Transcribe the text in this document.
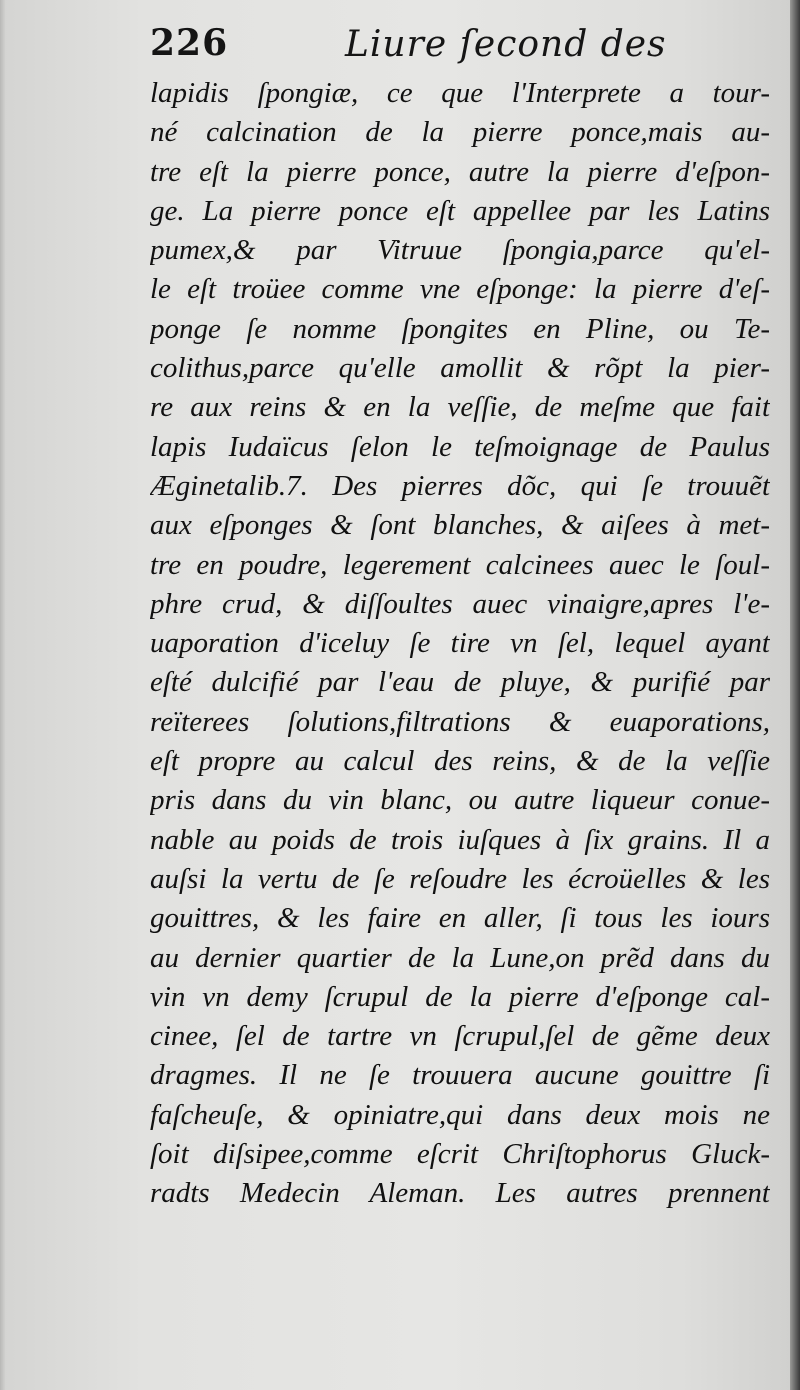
226	Liure ſecond des
lapidis ſpongiæ, ce que l'Interprete a tour-
né calcination de la pierre ponce,mais au-
tre eſt la pierre ponce, autre la pierre d'eſpon-
ge. La pierre ponce eſt appellee par les Latins
pumex,& par Vitruue ſpongia,parce qu'el-
le eſt troüee comme vne eſponge: la pierre d'eſ-
ponge ſe nomme ſpongites en Pline, ou Te-
colithus,parce qu'elle amollit & rõpt la pier-
re aux reins & en la veſſie, de meſme que fait
lapis Iudaïcus ſelon le teſmoignage de Paulus
Æginetalib.7. Des pierres dõc, qui ſe trouuẽt
aux eſponges & ſont blanches, & aiſees à met-
tre en poudre, legerement calcinees auec le ſoul-
phre crud, & diſſoultes auec vinaigre,apres l'e-
uaporation d'iceluy ſe tire vn ſel, lequel ayant
eſté dulcifié par l'eau de pluye, & purifié par
reïterees ſolutions,filtrations & euaporations,
eſt propre au calcul des reins, & de la veſſie
pris dans du vin blanc, ou autre liqueur conue-
nable au poids de trois iuſques à ſix grains. Il a
auſsi la vertu de ſe reſoudre les écroüelles & les
gouittres, & les faire en aller, ſi tous les iours
au dernier quartier de la Lune,on prẽd dans du
vin vn demy ſcrupul de la pierre d'eſponge cal-
cinee, ſel de tartre vn ſcrupul,ſel de gẽme deux
dragmes. Il ne ſe trouuera aucune gouittre ſi
faſcheuſe, & opiniatre,qui dans deux mois ne
ſoit diſsipee,comme eſcrit Chriſtophorus Gluck-
radts Medecin Aleman. Les autres prennent
